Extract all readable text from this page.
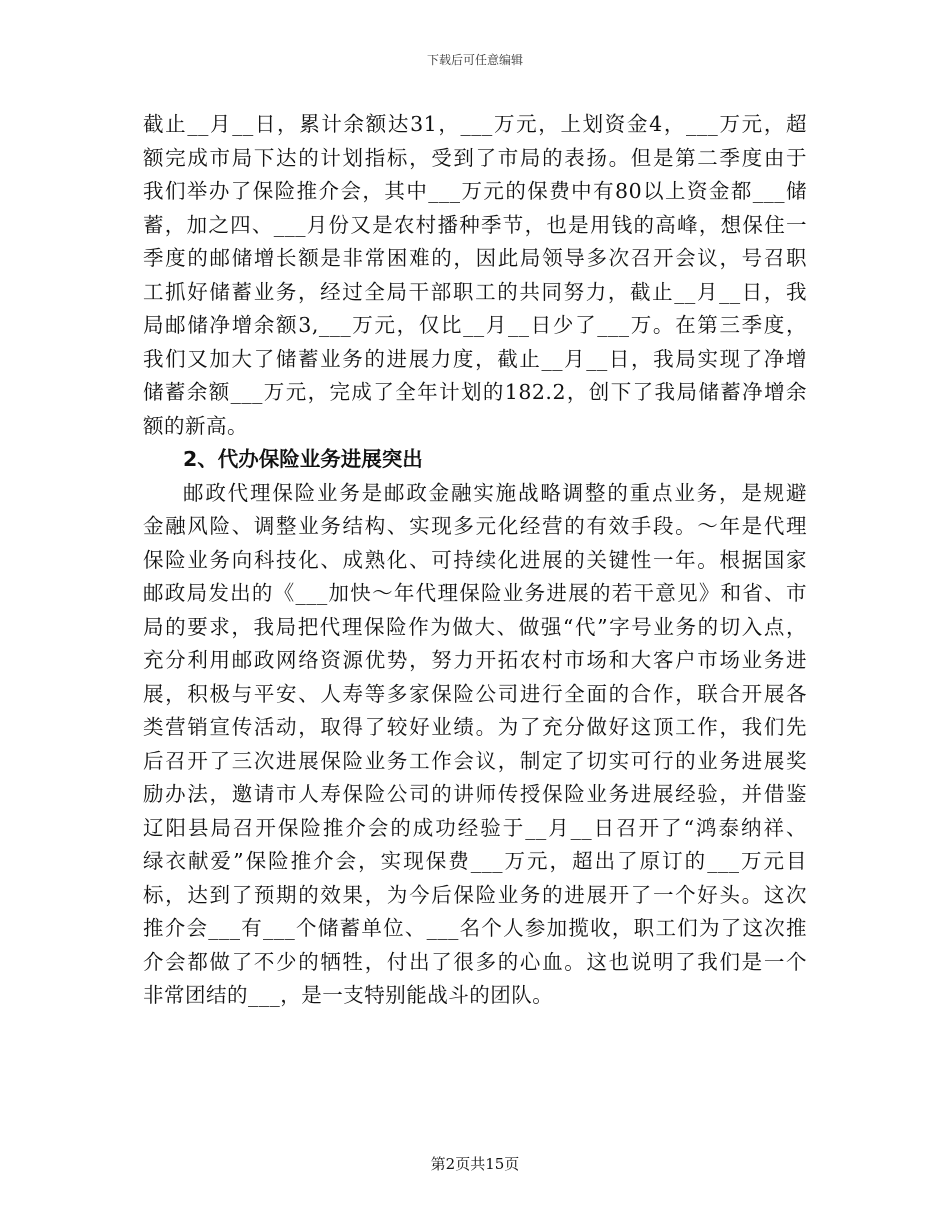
下载后可任意编辑
截止__月__日，累计余额达31，___万元，上划资金4，___万元，超
额完成市局下达的计划指标，受到了市局的表扬。但是第二季度由于
我们举办了保险推介会，其中___万元的保费中有80以上资金都___储
蓄，加之四、___月份又是农村播种季节，也是用钱的高峰，想保住一
季度的邮储增长额是非常困难的，因此局领导多次召开会议，号召职
工抓好储蓄业务，经过全局干部职工的共同努力，截止__月__日，我
局邮储净增余额3,___万元，仅比__月__日少了___万。在第三季度，
我们又加大了储蓄业务的进展力度，截止__月__日，我局实现了净增
储蓄余额___万元，完成了全年计划的182.2，创下了我局储蓄净增余
额的新高。
2、代办保险业务进展突出
邮政代理保险业务是邮政金融实施战略调整的重点业务，是规避
金融风险、调整业务结构、实现多元化经营的有效手段。～年是代理
保险业务向科技化、成熟化、可持续化进展的关键性一年。根据国家
邮政局发出的《___加快～年代理保险业务进展的若干意见》和省、市
局的要求，我局把代理保险作为做大、做强“代”字号业务的切入点，
充分利用邮政网络资源优势，努力开拓农村市场和大客户市场业务进
展，积极与平安、人寿等多家保险公司进行全面的合作，联合开展各
类营销宣传活动，取得了较好业绩。为了充分做好这顶工作，我们先
后召开了三次进展保险业务工作会议，制定了切实可行的业务进展奖
励办法，邀请市人寿保险公司的讲师传授保险业务进展经验，并借鉴
辽阳县局召开保险推介会的成功经验于__月__日召开了“鸿泰纳祥、
绿衣献爱”保险推介会，实现保费___万元，超出了原订的___万元目
标，达到了预期的效果，为今后保险业务的进展开了一个好头。这次
推介会___有___个储蓄单位、___名个人参加揽收，职工们为了这次推
介会都做了不少的牺牲，付出了很多的心血。这也说明了我们是一个
非常团结的___，是一支特别能战斗的团队。
第2页共15页
